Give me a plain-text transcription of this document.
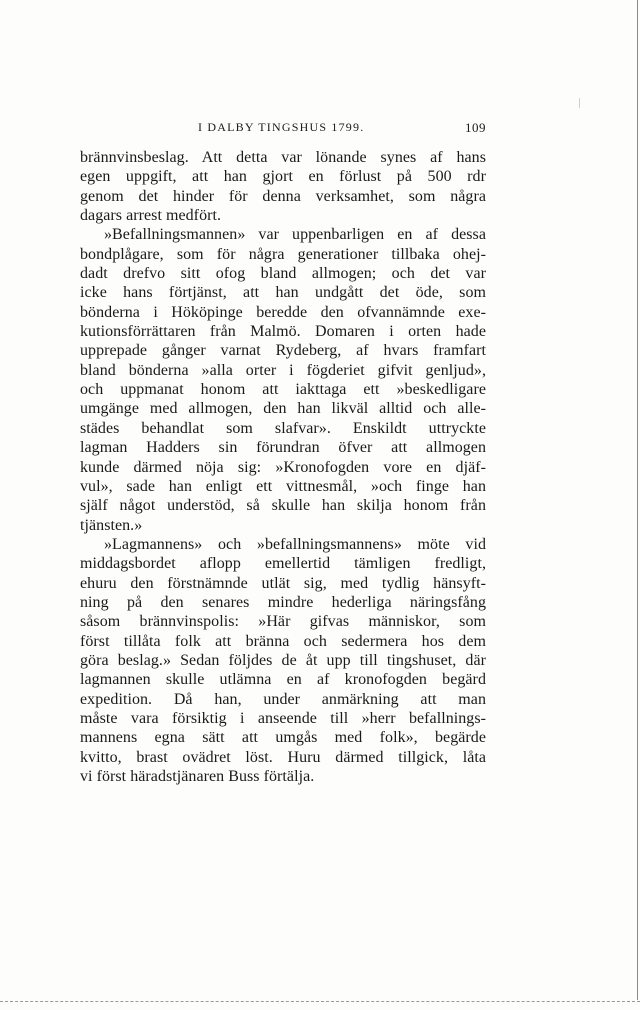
I DALBY TINGSHUS 1799.	109
brännvinsbeslag. Att detta var lönande synes af hans
egen uppgift, att han gjort en förlust på 500 rdr
genom det hinder för denna verksamhet, som några
dagars arrest medfört.
»Befallningsmannen» var uppenbarligen en af dessa
bondplågare, som för några generationer tillbaka ohej-
dadt drefvo sitt ofog bland allmogen; och det var
icke hans förtjänst, att han undgått det öde, som
bönderna i Hököpinge beredde den ofvannämnde exe-
kutionsförrättaren från Malmö. Domaren i orten hade
upprepade gånger varnat Rydeberg, af hvars framfart
bland bönderna »alla orter i fögderiet gifvit genljud»,
och uppmanat honom att iakttaga ett »beskedligare
umgänge med allmogen, den han likväl alltid och alle-
städes behandlat som slafvar». Enskildt uttryckte
lagman Hadders sin förundran öfver att allmogen
kunde därmed nöja sig: »Kronofogden vore en djäf-
vul», sade han enligt ett vittnesmål, »och finge han
själf något understöd, så skulle han skilja honom från
tjänsten.»
»Lagmannens» och »befallningsmannens» möte vid
middagsbordet aflopp emellertid tämligen fredligt,
ehuru den förstnämnde utlät sig, med tydlig hänsyft-
ning på den senares mindre hederliga näringsfång
såsom brännvinspolis: »Här gifvas människor, som
först tillåta folk att bränna och sedermera hos dem
göra beslag.» Sedan följdes de åt upp till tingshuset, där
lagmannen skulle utlämna en af kronofogden begärd
expedition. Då han, under anmärkning att man
måste vara försiktig i anseende till »herr befallnings-
mannens egna sätt att umgås med folk», begärde
kvitto, brast ovädret löst. Huru därmed tillgick, låta
vi först häradstjänaren Buss förtälja.
